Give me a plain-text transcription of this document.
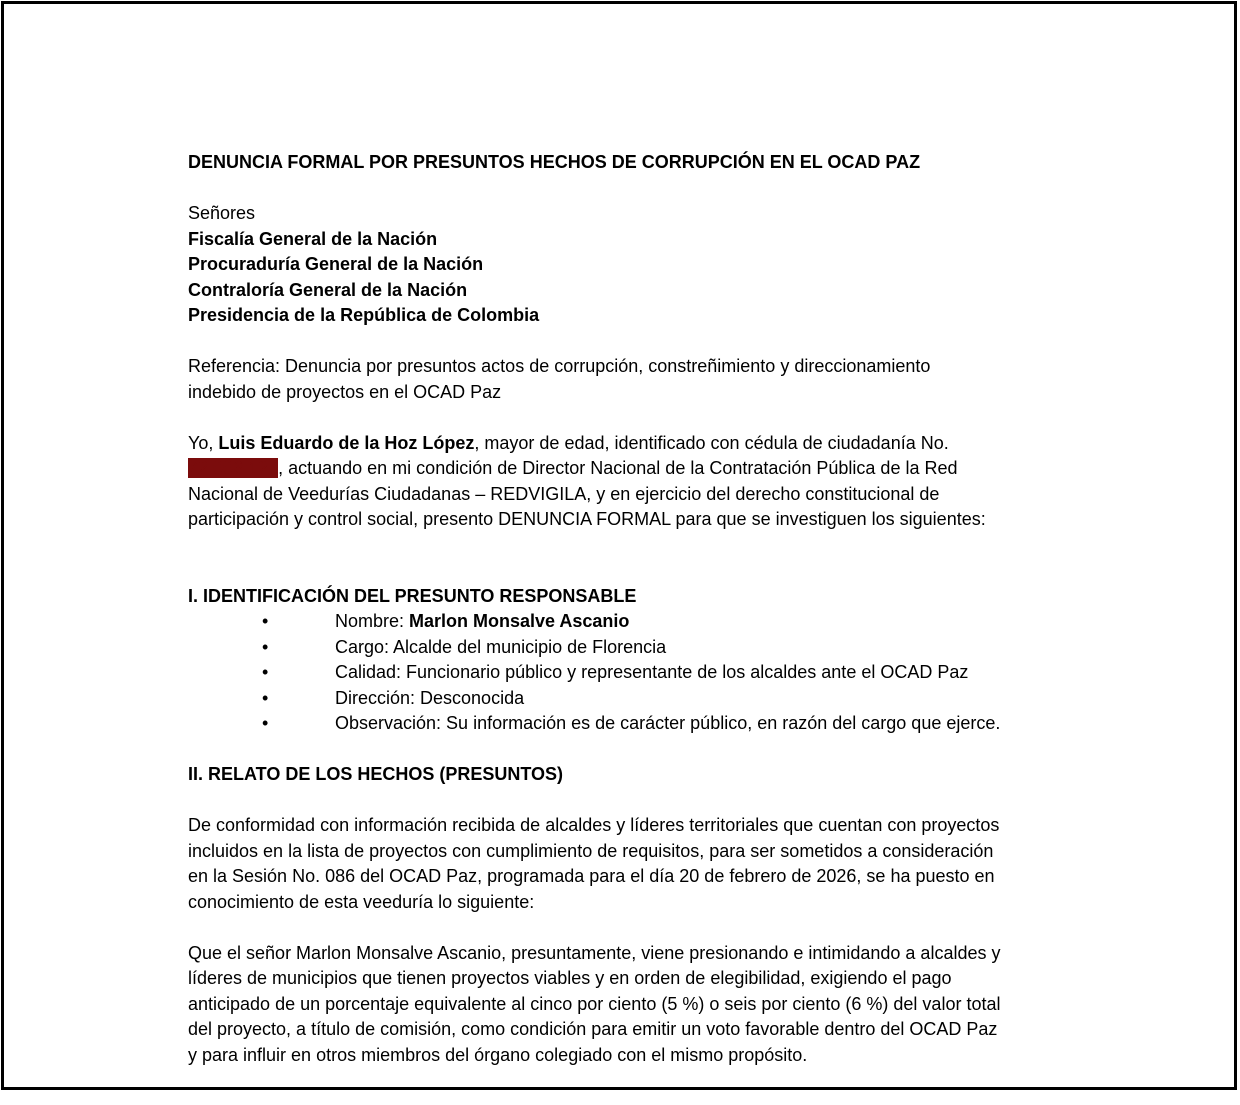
DENUNCIA FORMAL POR PRESUNTOS HECHOS DE CORRUPCIÓN EN EL OCAD PAZ

Señores

Fiscalía General de la Nación

Procuraduría General de la Nación

Contraloría General de la Nación

Presidencia de la República de Colombia

Referencia: Denuncia por presuntos actos de corrupción, constreñimiento y direccionamiento

indebido de proyectos en el OCAD Paz

Yo, Luis Eduardo de la Hoz López, mayor de edad, identificado con cédula de ciudadanía No.

72.006.127, actuando en mi condición de Director Nacional de la Contratación Pública de la Red

Nacional de Veedurías Ciudadanas – REDVIGILA, y en ejercicio del derecho constitucional de

participación y control social, presento DENUNCIA FORMAL para que se investiguen los siguientes:

I. IDENTIFICACIÓN DEL PRESUNTO RESPONSABLE

•	Nombre: Marlon Monsalve Ascanio
•	Cargo: Alcalde del municipio de Florencia
•	Calidad: Funcionario público y representante de los alcaldes ante el OCAD Paz
•	Dirección: Desconocida
•	Observación: Su información es de carácter público, en razón del cargo que ejerce.

II. RELATO DE LOS HECHOS (PRESUNTOS)

De conformidad con información recibida de alcaldes y líderes territoriales que cuentan con proyectos

incluidos en la lista de proyectos con cumplimiento de requisitos, para ser sometidos a consideración

en la Sesión No. 086 del OCAD Paz, programada para el día 20 de febrero de 2026, se ha puesto en

conocimiento de esta veeduría lo siguiente:

Que el señor Marlon Monsalve Ascanio, presuntamente, viene presionando e intimidando a alcaldes y

líderes de municipios que tienen proyectos viables y en orden de elegibilidad, exigiendo el pago

anticipado de un porcentaje equivalente al cinco por ciento (5 %) o seis por ciento (6 %) del valor total

del proyecto, a título de comisión, como condición para emitir un voto favorable dentro del OCAD Paz

y para influir en otros miembros del órgano colegiado con el mismo propósito.
